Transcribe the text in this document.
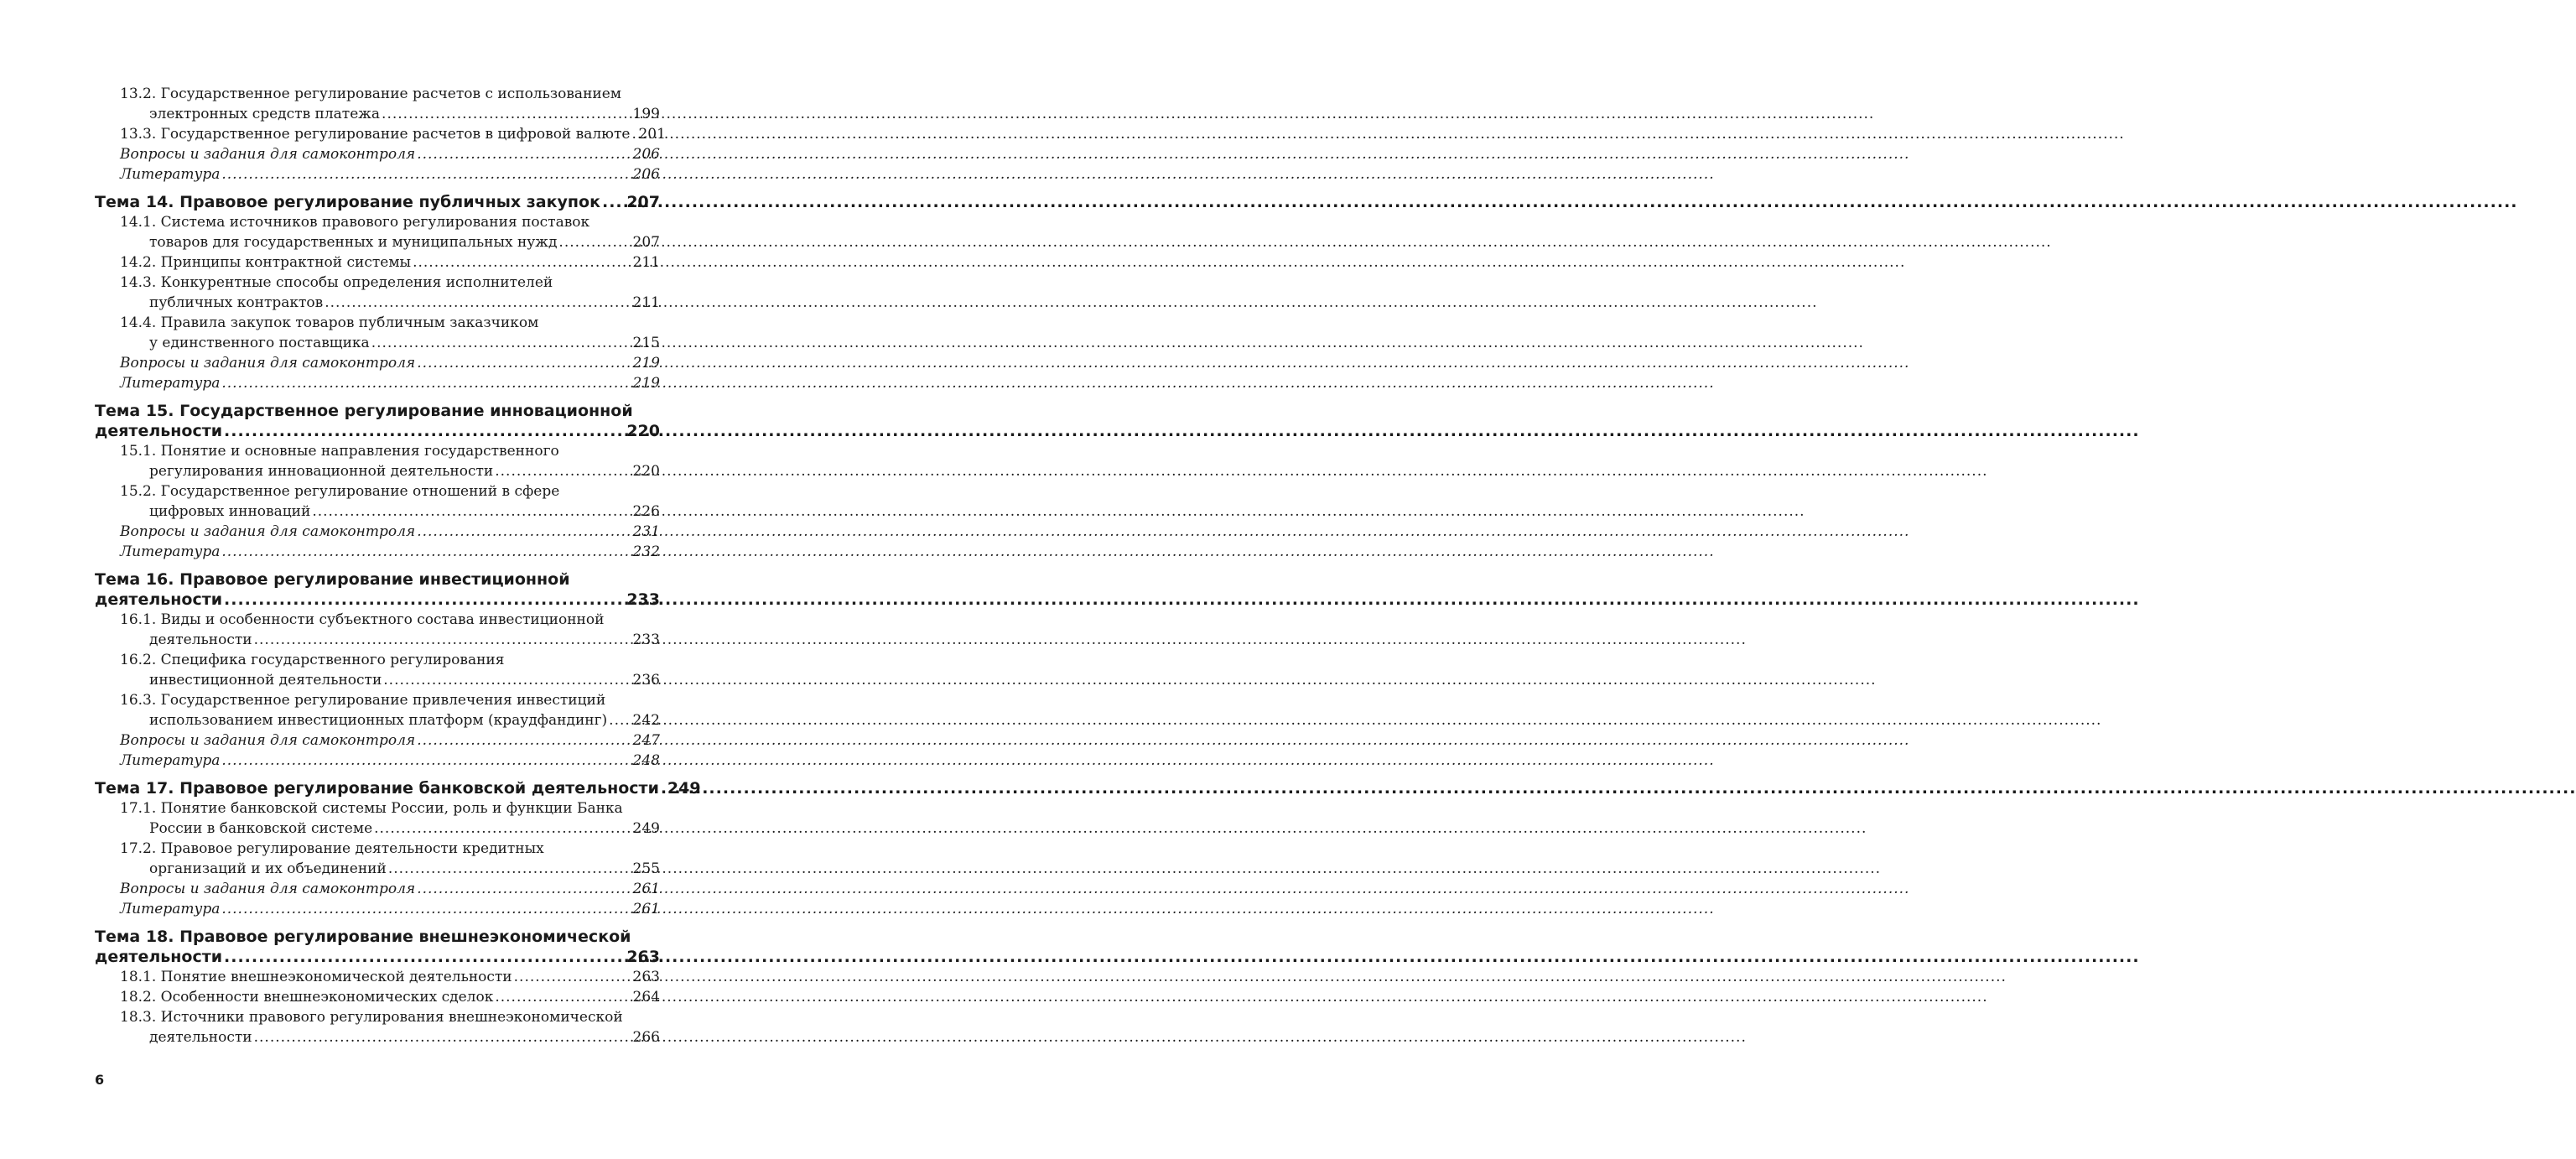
13.2. Государственное регулирование расчетов с использованием
электронных средств платежа .....	199
13.3. Государственное регулирование расчетов в цифровой валюте ..... 201
Вопросы и задания для самоконтроля .....	206
Литература .....	206
Тема 14. Правовое регулирование публичных закупок ..... 207
14.1. Система источников правового регулирования поставок
товаров для государственных и муниципальных нужд .....	207
14.2. Принципы контрактной системы .....	211
14.3. Конкурентные способы определения исполнителей
публичных контрактов .....	211
14.4. Правила закупок товаров публичным заказчиком
у единственного поставщика .....	215
Вопросы и задания для самоконтроля .....	219
Литература .....	219
Тема 15. Государственное регулирование инновационной
деятельности .....	220
15.1. Понятие и основные направления государственного
регулирования инновационной деятельности .....	220
15.2. Государственное регулирование отношений в сфере
цифровых инноваций .....	226
Вопросы и задания для самоконтроля .....	231
Литература .....	232
Тема 16. Правовое регулирование инвестиционной
деятельности .....	233
16.1. Виды и особенности субъектного состава инвестиционной
деятельности .....	233
16.2. Специфика государственного регулирования
инвестиционной деятельности .....	236
16.3. Государственное регулирование привлечения инвестиций
использованием инвестиционных платформ (краудфандинг) ..... 242
Вопросы и задания для самоконтроля .....	247
Литература .....	248
Тема 17. Правовое регулирование банковской деятельности ..... 249
17.1. Понятие банковской системы России, роль и функции Банка
России в банковской системе .....	249
17.2. Правовое регулирование деятельности кредитных
организаций и их объединений .....	255
Вопросы и задания для самоконтроля .....	261
Литература .....	261
Тема 18. Правовое регулирование внешнеэкономической
деятельности .....	263
18.1. Понятие внешнеэкономической деятельности .....	263
18.2. Особенности внешнеэкономических сделок .....	264
18.3. Источники правового регулирования внешнеэкономической
деятельности .....	266
6
